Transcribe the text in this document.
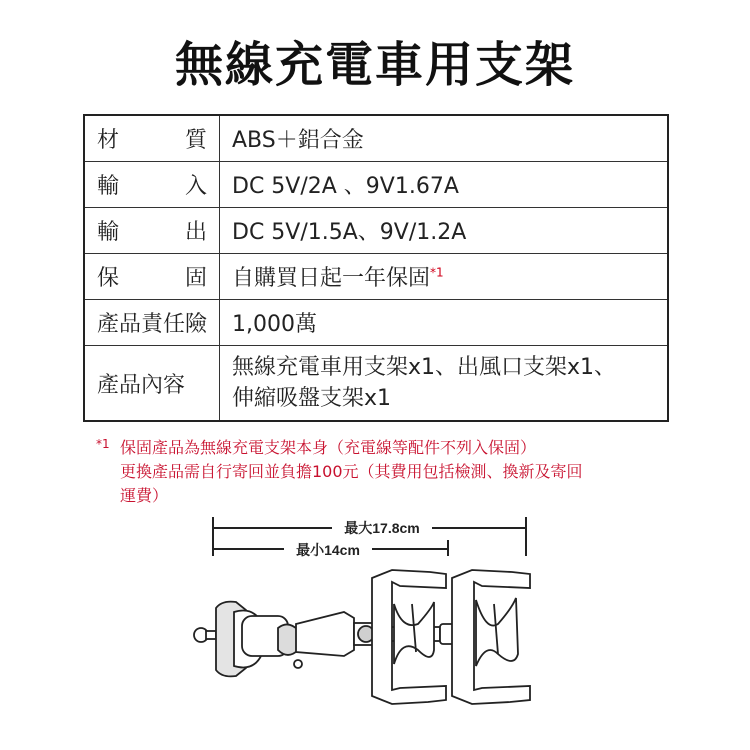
無線充電車用支架
材 質	ABS＋鋁合金

輸 入	DC 5V/2A 、9V1.67A

輸 出	DC 5V/1.5A、9V/1.2A

保 固	自購買日起一年保固$^{*1}$
產品責任險	1,000萬
產品內容	無線充電車用支架x1、出風口支架x1、
伸縮吸盤支架x1
*1 保固產品為無線充電支架本身（充電線等配件不列入保固）
更換產品需自行寄回並負擔100元（其費用包括檢測、換新及寄回
運費）
最大17.8cm
最小14cm
